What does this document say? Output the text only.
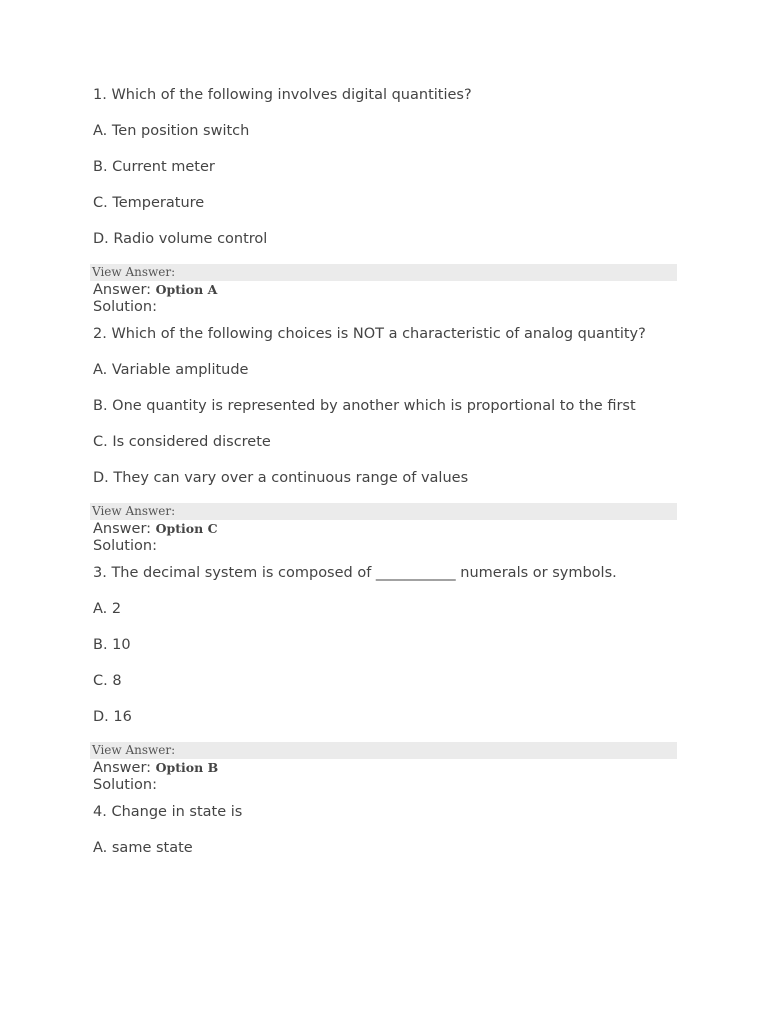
1. Which of the following involves digital quantities?

A. Ten position switch

B. Current meter

C. Temperature

D. Radio volume control

View Answer:
Answer: Option A
Solution:

2. Which of the following choices is NOT a characteristic of analog quantity?

A. Variable amplitude

B. One quantity is represented by another which is proportional to the first

C. Is considered discrete

D. They can vary over a continuous range of values

View Answer:
Answer: Option C
Solution:

3. The decimal system is composed of ___________ numerals or symbols.

A. 2

B. 10

C. 8

D. 16

View Answer:
Answer: Option B
Solution:

4. Change in state is

A. same state
